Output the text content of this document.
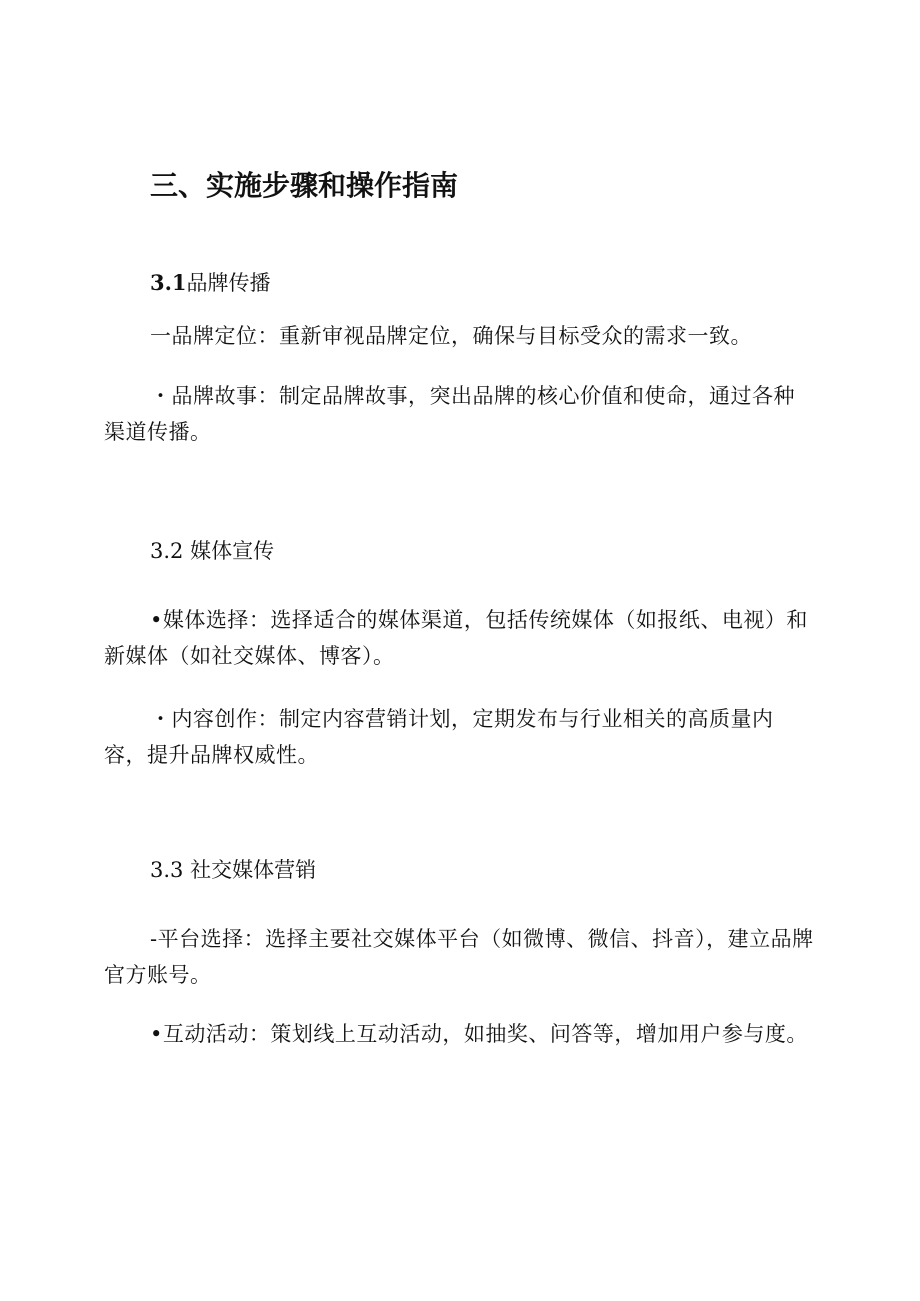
三、实施步骤和操作指南
3.1品牌传播

一品牌定位：重新审视品牌定位，确保与目标受众的需求一致。

・品牌故事：制定品牌故事，突出品牌的核心价值和使命，通过各种渠道传播。

3.2 媒体宣传

•媒体选择：选择适合的媒体渠道，包括传统媒体（如报纸、电视）和新媒体（如社交媒体、博客）。

・内容创作：制定内容营销计划，定期发布与行业相关的高质量内容，提升品牌权威性。

3.3 社交媒体营销

-平台选择：选择主要社交媒体平台（如微博、微信、抖音），建立品牌官方账号。

•互动活动：策划线上互动活动，如抽奖、问答等，增加用户参与度。
